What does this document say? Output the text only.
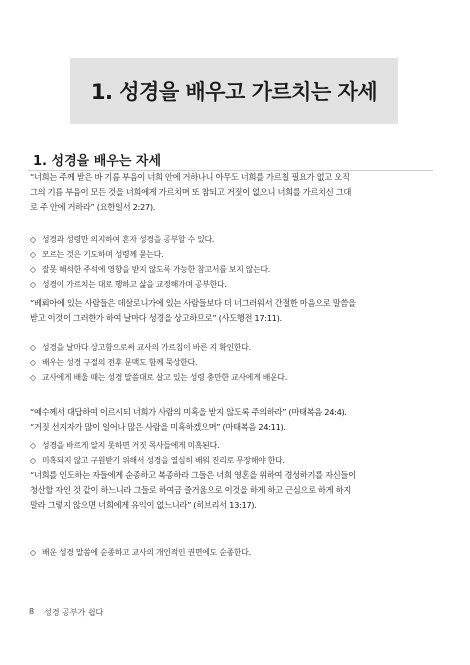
1. 성경을 배우고 가르치는 자세
1. 성경을 배우는 자세
“너희는 주께 받은 바 기름 부음이 너희 안에 거하나니 아무도 너희를 가르칠 필요가 없고 오직
그의 기름 부음이 모든 것을 너희에게 가르치며 또 참되고 거짓이 없으니 너희를 가르치신 그대
로 주 안에 거하라” (요한일서 2:27).
◇ 성경과 성령만 의지하여 혼자 성경을 공부할 수 있다.
◇ 모르는 것은 기도하며 성령께 묻는다.
◇ 잘못 해석한 주석에 영향을 받지 않도록 가능한 참고서를 보지 않는다.
◇ 성경이 가르치는 대로 행하고 삶을 교정해가며 공부한다.
“베뢰아에 있는 사람들은 데살로니가에 있는 사람들보다 더 너그러워서 간절한 마음으로 말씀을
받고 이것이 그러한가 하여 날마다 성경을 상고하므로” (사도행전 17:11).
◇ 성경을 날마다 상고함으로써 교사의 가르침이 바른 지 확인한다.
◇ 배우는 성경 구절의 전후 문맥도 함께 묵상한다.
◇ 교사에게 배울 때는 성경 말씀대로 살고 있는 성령 충만한 교사에게 배운다.
“예수께서 대답하여 이르시되 너희가 사람의 미혹을 받지 않도록 주의하라” (마태복음 24:4).
“거짓 선지자가 많이 일어나 많은 사람을 미혹하겠으며” (마태복음 24:11).
◇ 성경을 바르게 알지 못하면 거짓 목사들에게 미혹된다.
◇ 미혹되지 않고 구원받기 위해서 성경을 열심히 배워 진리로 무장해야 한다.
“너희를 인도하는 자들에게 순종하고 복종하라 그들은 너희 영혼을 위하여 경성하기를 자신들이
청산할 자인 것 같이 하느니라 그들로 하여금 즐거움으로 이것을 하게 하고 근심으로 하게 하지
말라 그렇지 않으면 너희에게 유익이 없느니라” (히브리서 13:17).
◇ 배운 성경 말씀에 순종하고 교사의 개인적인 권면에도 순종한다.
8 성경 공부가 쉽다
